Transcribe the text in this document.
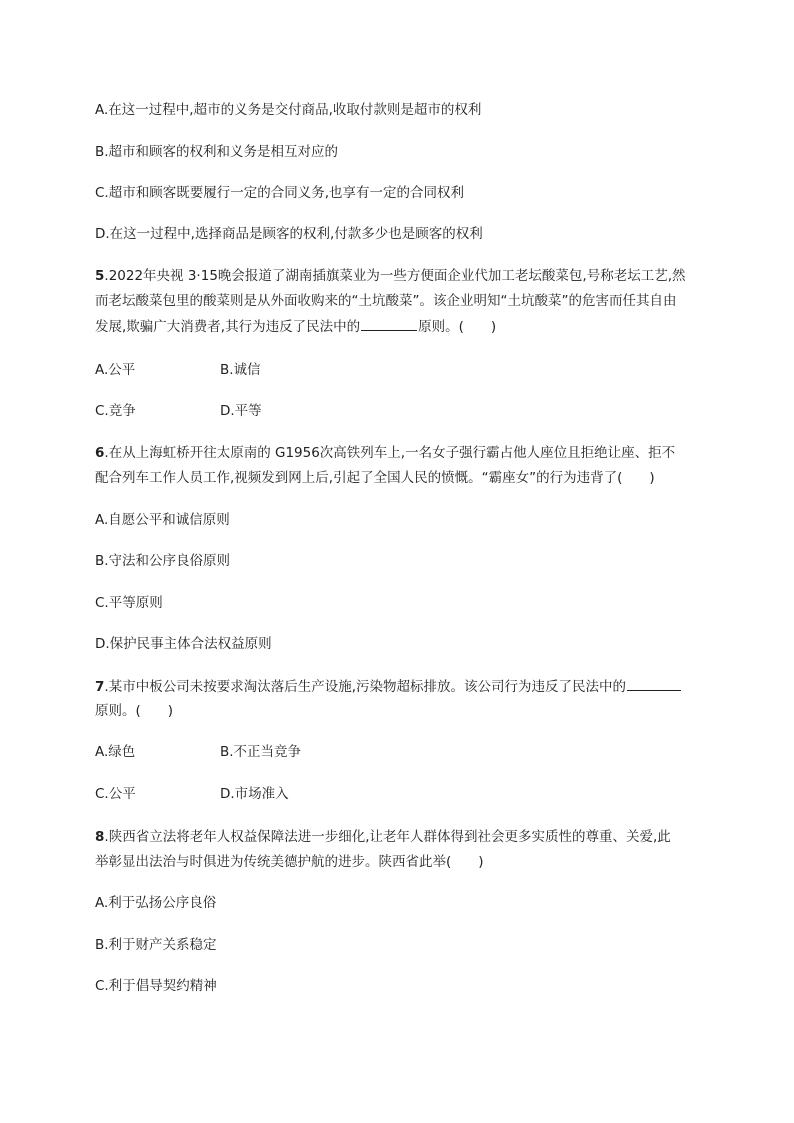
A.在这一过程中,超市的义务是交付商品,收取付款则是超市的权利
B.超市和顾客的权利和义务是相互对应的
C.超市和顾客既要履行一定的合同义务,也享有一定的合同权利
D.在这一过程中,选择商品是顾客的权利,付款多少也是顾客的权利
5.2022年央视 3·15晚会报道了湖南插旗菜业为一些方便面企业代加工老坛酸菜包,号称老坛工艺,然
而老坛酸菜包里的酸菜则是从外面收购来的“土坑酸菜”。该企业明知“土坑酸菜”的危害而任其自由
发展,欺骗广大消费者,其行为违反了民法中的	原则。(　　)
A.公平	B.诚信
C.竞争	D.平等
6.在从上海虹桥开往太原南的 G1956次高铁列车上,一名女子强行霸占他人座位且拒绝让座、拒不
配合列车工作人员工作,视频发到网上后,引起了全国人民的愤慨。“霸座女”的行为违背了(　　)
A.自愿公平和诚信原则
B.守法和公序良俗原则
C.平等原则
D.保护民事主体合法权益原则
7.某市中板公司未按要求淘汰落后生产设施,污染物超标排放。该公司行为违反了民法中的
原则。(　　)
A.绿色	B.不正当竞争
C.公平	D.市场准入
8.陕西省立法将老年人权益保障法进一步细化,让老年人群体得到社会更多实质性的尊重、关爱,此
举彰显出法治与时俱进为传统美德护航的进步。陕西省此举(　　)
A.利于弘扬公序良俗
B.利于财产关系稳定
C.利于倡导契约精神
